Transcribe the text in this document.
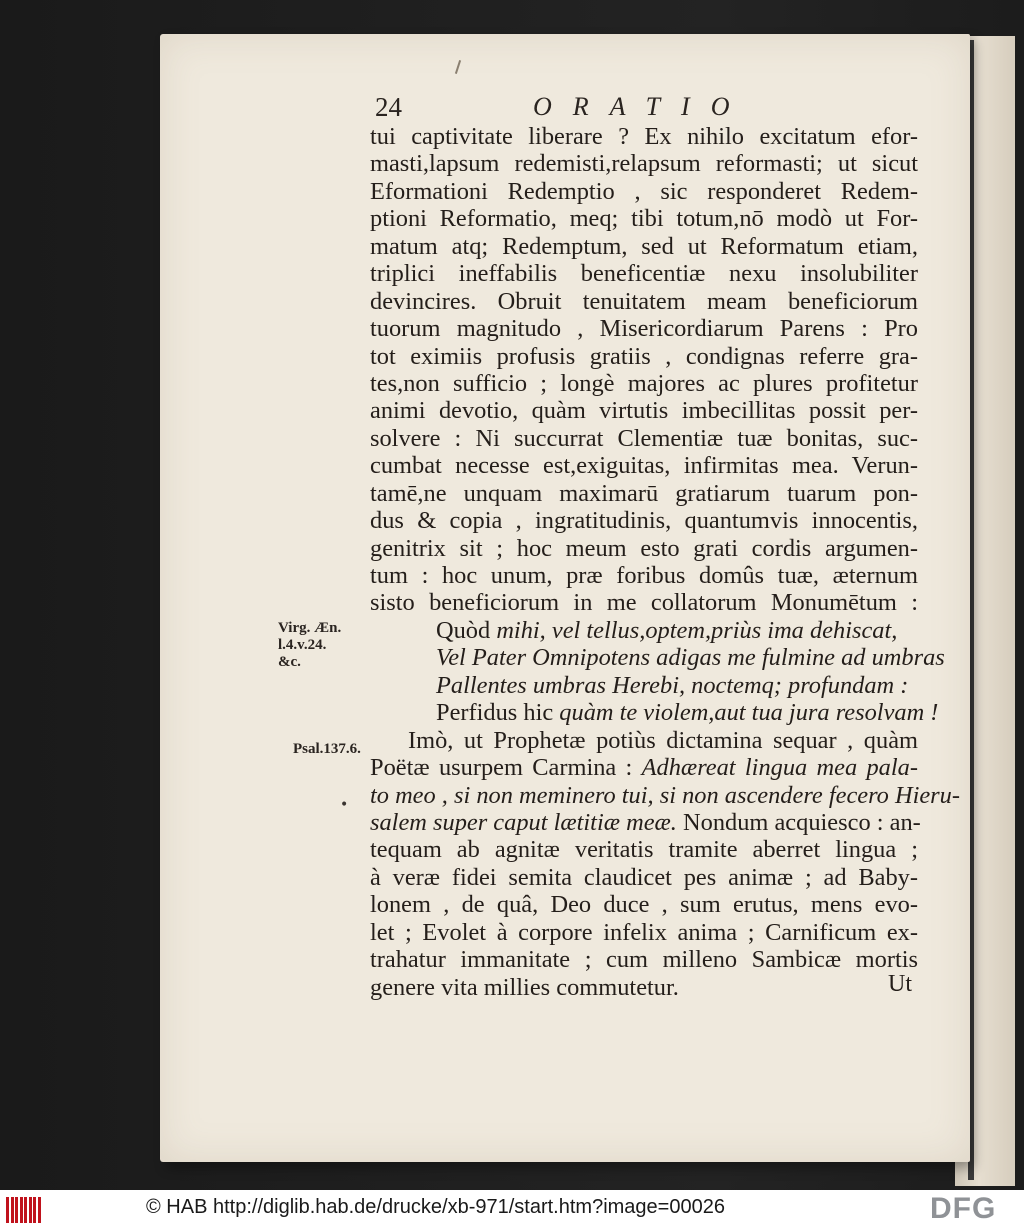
24	ORATIO
tui captivitate liberare ? Ex nihilo excitatum efor-
masti,lapsum redemisti,relapsum reformasti; ut sicut
Eformationi Redemptio , sic responderet Redem-
ptioni Reformatio, meq; tibi totum,nō modò ut For-
matum atq; Redemptum, sed ut Reformatum etiam,
triplici ineffabilis beneficentiæ nexu insolubiliter
devincires. Obruit tenuitatem meam beneficiorum
tuorum magnitudo , Misericordiarum Parens : Pro
tot eximiis profusis gratiis , condignas referre gra-
tes,non sufficio ; longè majores ac plures profitetur
animi devotio, quàm virtutis imbecillitas possit per-
solvere : Ni succurrat Clementiæ tuæ bonitas, suc-
cumbat necesse est,exiguitas, infirmitas mea. Verun-
tamē,ne unquam maximarū gratiarum tuarum pon-
dus & copia , ingratitudinis, quantumvis innocentis,
genitrix sit ; hoc meum esto grati cordis argumen-
tum : hoc unum, præ foribus domûs tuæ, æternum
sisto beneficiorum in me collatorum Monumētum :
Quòd mihi, vel tellus,optem,priùs ima dehiscat,
Vel Pater Omnipotens adigas me fulmine ad umbras
Pallentes umbras Herebi, noctemq; profundam :
Perfidus hic quàm te violem,aut tua jura resolvam !
Imò, ut Prophetæ potiùs dictamina sequar , quàm
Poëtæ usurpem Carmina : Adhæreat lingua mea pala-
to meo , si non meminero tui, si non ascendere fecero Hieru-
salem super caput lætitiæ meæ. Nondum acquiesco : an-
tequam ab agnitæ veritatis tramite aberret lingua ;
à veræ fidei semita claudicet pes animæ ; ad Baby-
lonem , de quâ, Deo duce , sum erutus, mens evo-
let ; Evolet à corpore infelix anima ; Carnificum ex-
trahatur immanitate ; cum milleno Sambicæ mortis
genere vita millies commutetur.
Virg. Æn.
l.4.v.24.
&c.
Psal.137.6.
•
Ut

© HAB http://diglib.hab.de/drucke/xb-971/start.htm?image=00026	DFG
